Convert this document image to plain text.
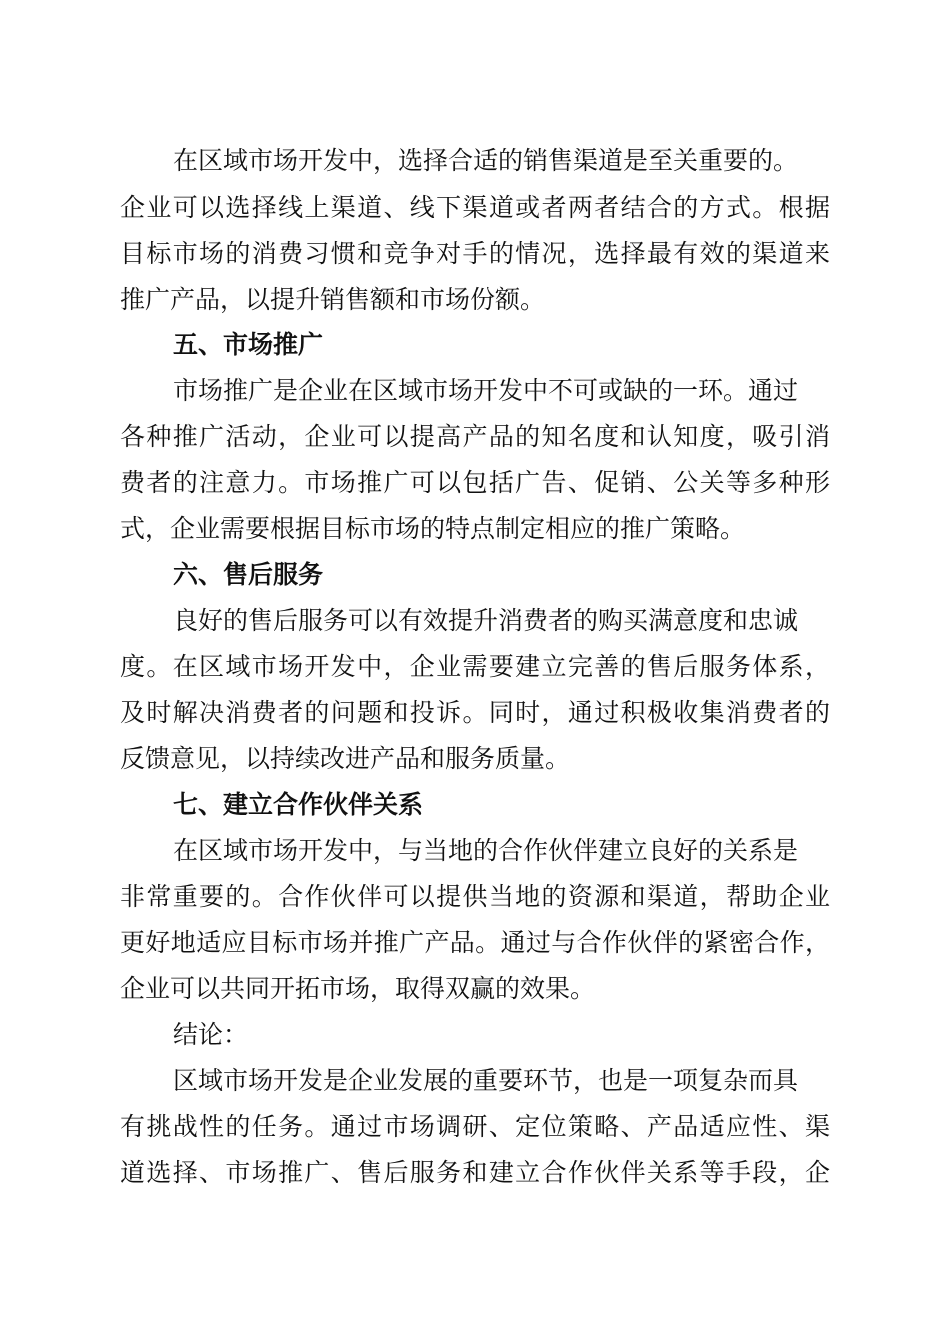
在区域市场开发中，选择合适的销售渠道是至关重要的。
企业可以选择线上渠道、线下渠道或者两者结合的方式。根据
目标市场的消费习惯和竞争对手的情况，选择最有效的渠道来
推广产品，以提升销售额和市场份额。
五、市场推广
市场推广是企业在区域市场开发中不可或缺的一环。通过
各种推广活动，企业可以提高产品的知名度和认知度，吸引消
费者的注意力。市场推广可以包括广告、促销、公关等多种形
式，企业需要根据目标市场的特点制定相应的推广策略。
六、售后服务
良好的售后服务可以有效提升消费者的购买满意度和忠诚
度。在区域市场开发中，企业需要建立完善的售后服务体系，
及时解决消费者的问题和投诉。同时，通过积极收集消费者的
反馈意见，以持续改进产品和服务质量。
七、建立合作伙伴关系
在区域市场开发中，与当地的合作伙伴建立良好的关系是
非常重要的。合作伙伴可以提供当地的资源和渠道，帮助企业
更好地适应目标市场并推广产品。通过与合作伙伴的紧密合作，
企业可以共同开拓市场，取得双赢的效果。
结论：
区域市场开发是企业发展的重要环节，也是一项复杂而具
有挑战性的任务。通过市场调研、定位策略、产品适应性、渠
道选择、市场推广、售后服务和建立合作伙伴关系等手段，企
